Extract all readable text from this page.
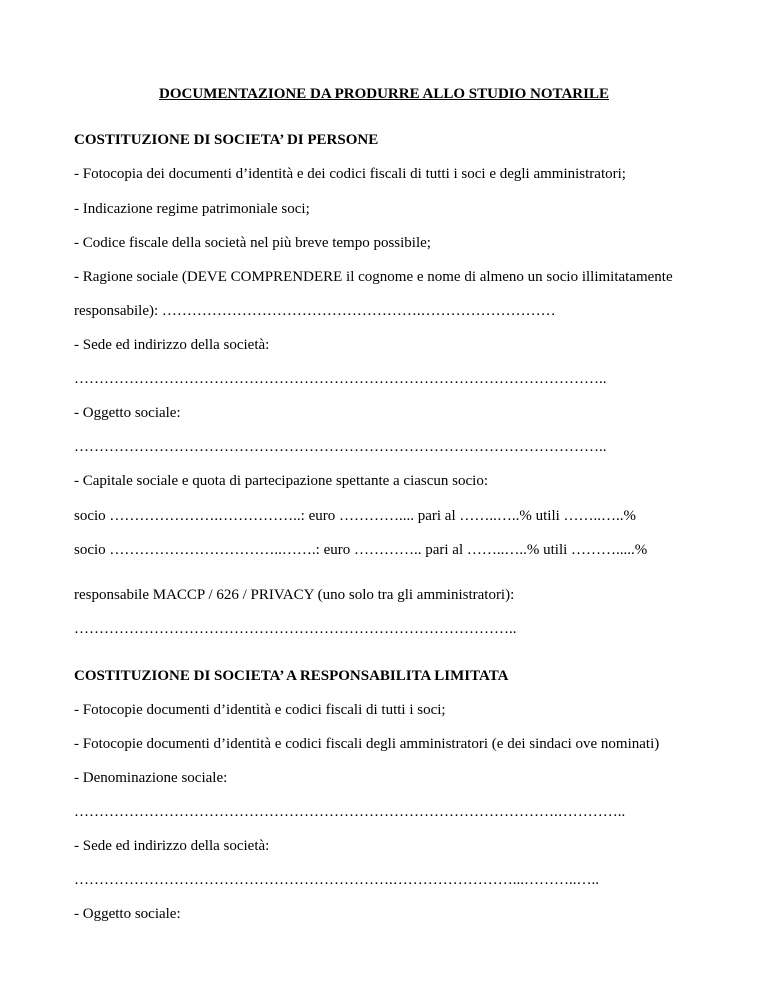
DOCUMENTAZIONE DA PRODURRE ALLO STUDIO NOTARILE
COSTITUZIONE DI SOCIETA’ DI PERSONE
- Fotocopia dei documenti d’identità e dei codici fiscali di tutti i soci e degli amministratori;
- Indicazione regime patrimoniale soci;
- Codice fiscale della società nel più breve tempo possibile;
- Ragione sociale (DEVE COMPRENDERE il cognome e nome di almeno un socio illimitatamente
responsabile): …………………………………………….………………………
- Sede ed indirizzo della società:
……………………………………………………………………………………………..
- Oggetto sociale:
……………………………………………………………………………………………..
- Capitale sociale e quota di partecipazione spettante a ciascun socio:
socio ………………….……………..: euro ………….... pari al ……..…..% utili ……..…..%
socio ……………………………..…….: euro ………….. pari al ……..…..% utili ……….....%
responsabile MACCP / 626 / PRIVACY (uno solo tra gli amministratori):
……………………………………………………………………………..
COSTITUZIONE DI SOCIETA’ A RESPONSABILITA LIMITATA
- Fotocopie documenti d’identità e codici fiscali di tutti i soci;
- Fotocopie documenti d’identità e codici fiscali degli amministratori (e dei sindaci ove nominati)
- Denominazione sociale:
…………………………………………………………………………………….…………..
- Sede ed indirizzo della società:
……………………………………………………….……………………...………..…..
- Oggetto sociale:
